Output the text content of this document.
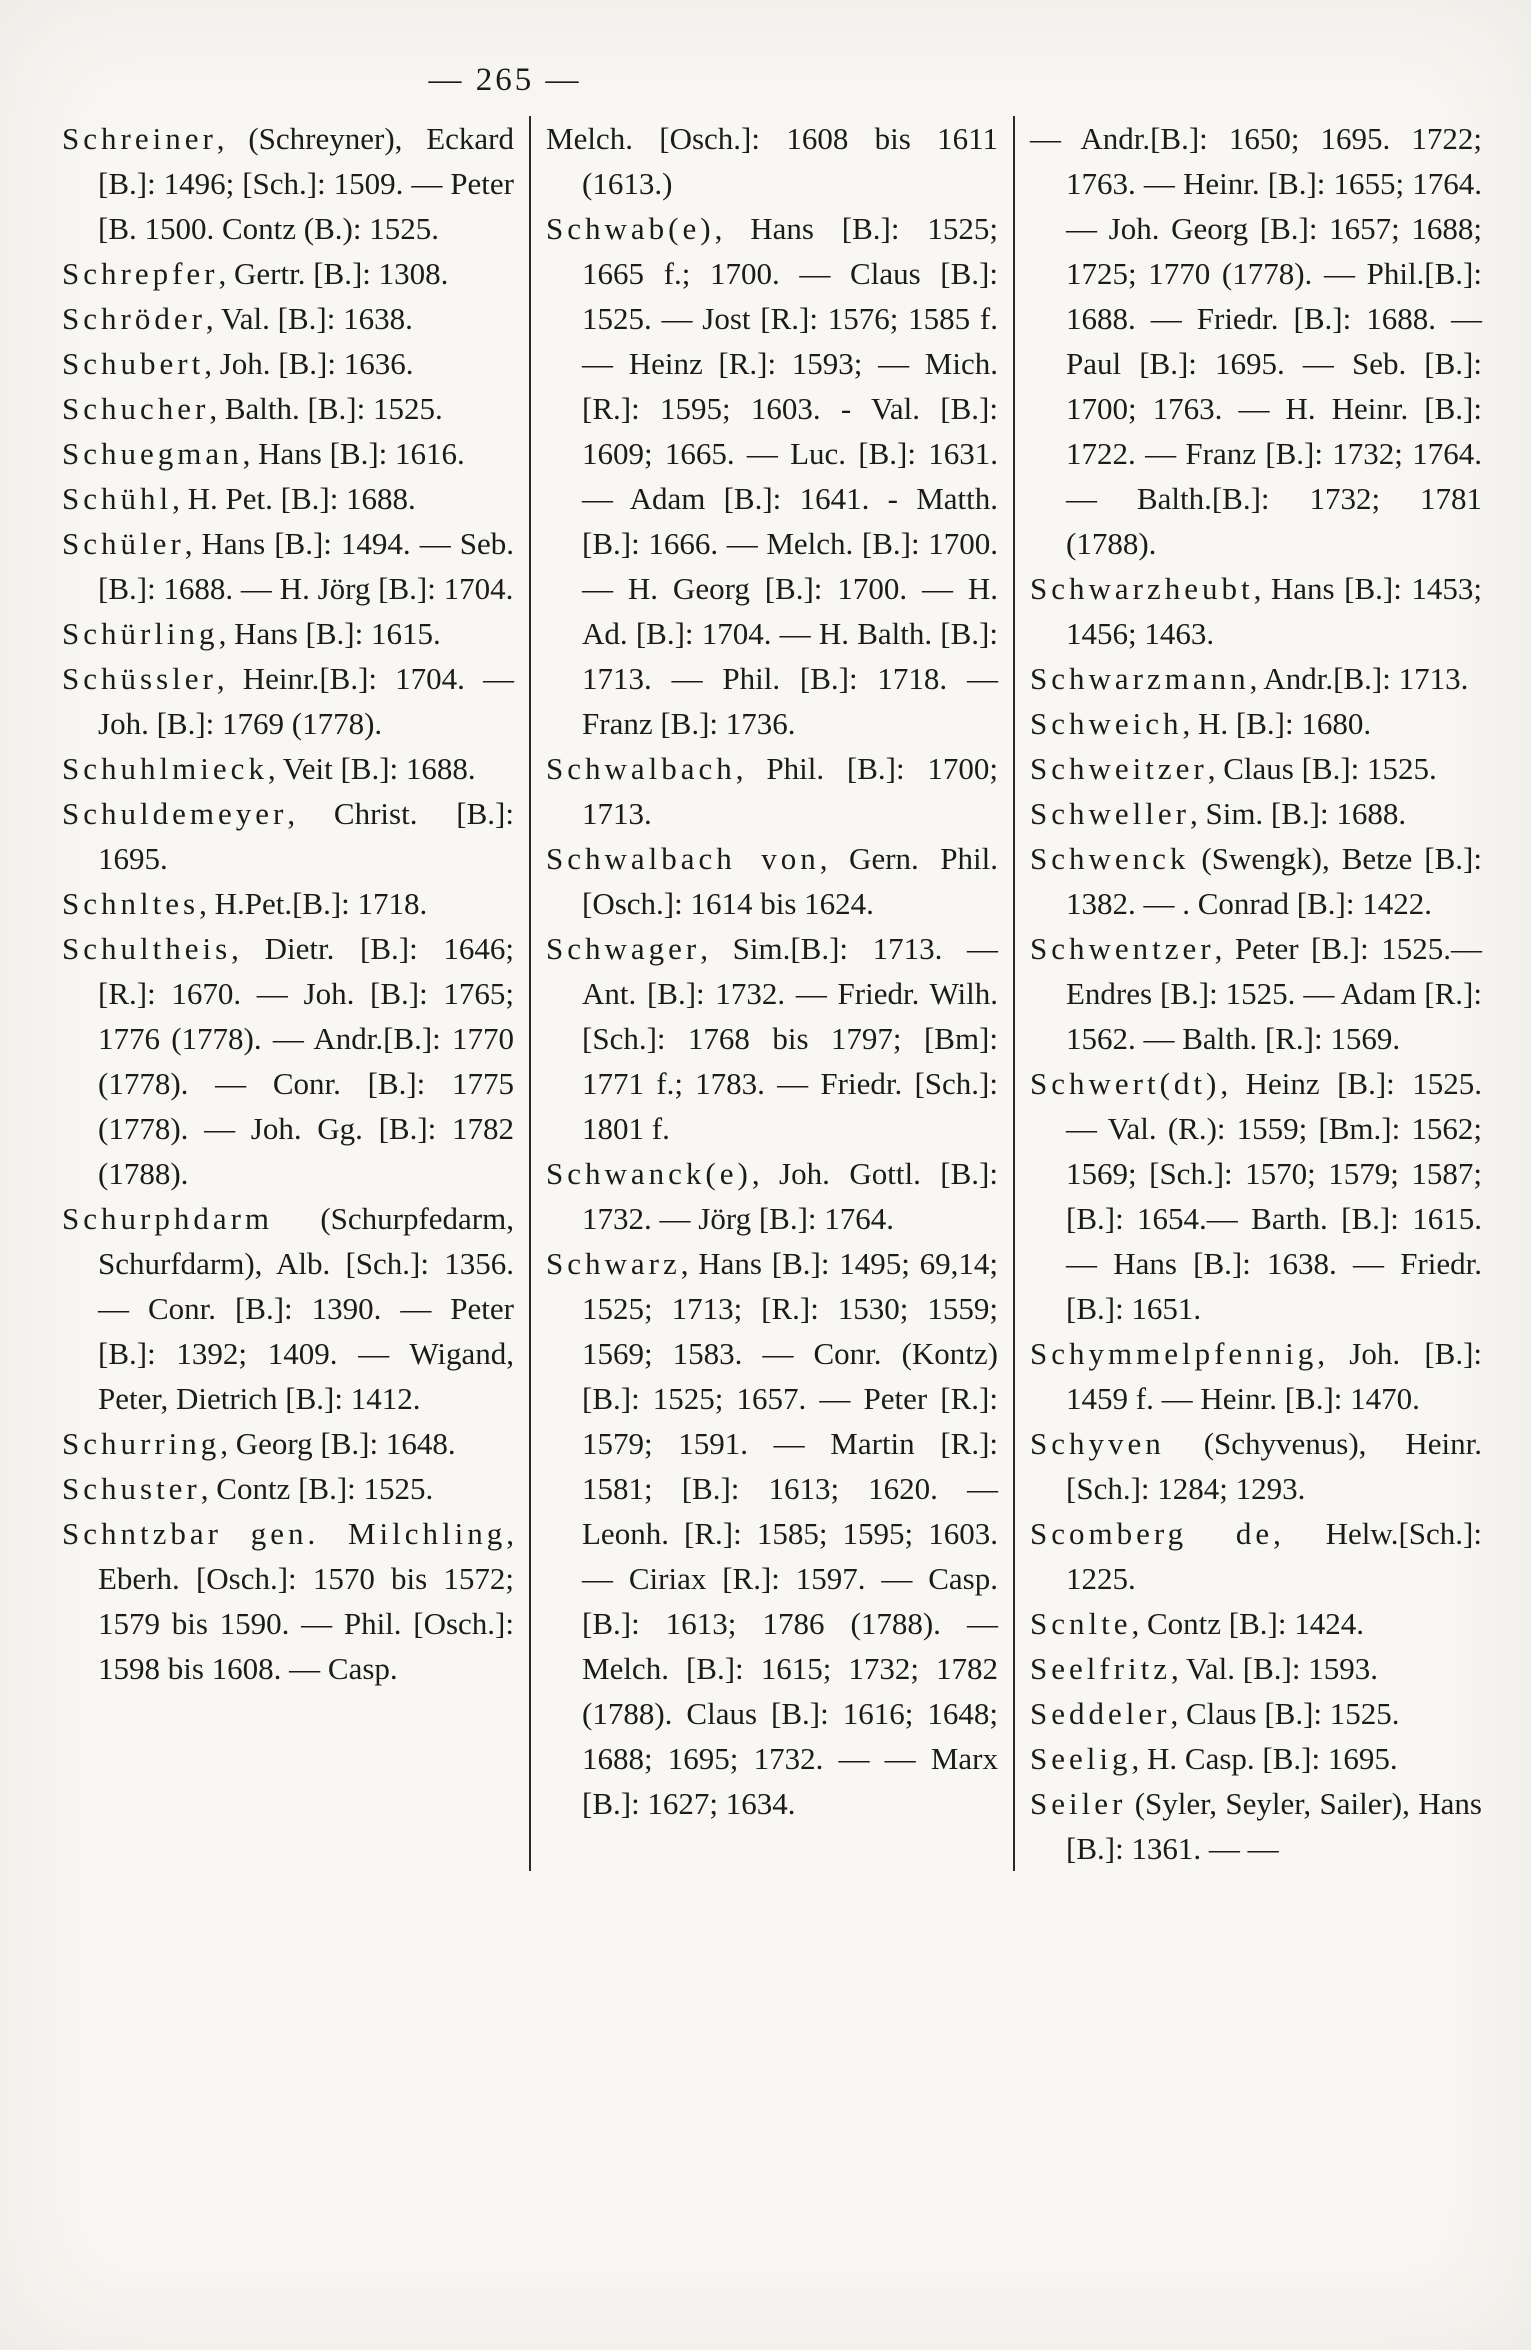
— 265 —

Schreiner, (Schreyner), Eckard [B.]: 1496; [Sch.]: 1509. — Peter [B. 1500. Contz (B.): 1525.

Schrepfer, Gertr. [B.]: 1308.

Schröder, Val. [B.]: 1638.

Schubert, Joh. [B.]: 1636.

Schucher, Balth. [B.]: 1525.

Schuegman, Hans [B.]: 1616.

Schühl, H. Pet. [B.]: 1688.

Schüler, Hans [B.]: 1494. — Seb. [B.]: 1688. — H. Jörg [B.]: 1704.

Schürling, Hans [B.]: 1615.

Schüssler, Heinr.[B.]: 1704. — Joh. [B.]: 1769 (1778).

Schuhlmieck, Veit [B.]: 1688.

Schuldemeyer, Christ. [B.]: 1695.

Schnltes, H.Pet.[B.]: 1718.

Schultheis, Dietr. [B.]: 1646; [R.]: 1670. — Joh. [B.]: 1765; 1776 (1778). — Andr.[B.]: 1770 (1778). — Conr. [B.]: 1775 (1778). — Joh. Gg. [B.]: 1782 (1788).

Schurphdarm (Schurpfedarm, Schurfdarm), Alb. [Sch.]: 1356. — Conr. [B.]: 1390. — Peter [B.]: 1392; 1409. — Wigand, Peter, Dietrich [B.]: 1412.

Schurring, Georg [B.]: 1648.

Schuster, Contz [B.]: 1525.

Schntzbar gen. Milchling, Eberh. [Osch.]: 1570 bis 1572; 1579 bis 1590. — Phil. [Osch.]: 1598 bis 1608. — Casp.

Melch. [Osch.]: 1608 bis 1611 (1613.)

Schwab(e), Hans [B.]: 1525; 1665 f.; 1700. — Claus [B.]: 1525. — Jost [R.]: 1576; 1585 f. — Heinz [R.]: 1593; — Mich. [R.]: 1595; 1603. - Val. [B.]: 1609; 1665. — Luc. [B.]: 1631. — Adam [B.]: 1641. - Matth. [B.]: 1666. — Melch. [B.]: 1700. — H. Georg [B.]: 1700. — H. Ad. [B.]: 1704. — H. Balth. [B.]: 1713. — Phil. [B.]: 1718. — Franz [B.]: 1736.

Schwalbach, Phil. [B.]: 1700; 1713.

Schwalbach von, Gern. Phil. [Osch.]: 1614 bis 1624.

Schwager, Sim.[B.]: 1713. — Ant. [B.]: 1732. — Friedr. Wilh. [Sch.]: 1768 bis 1797; [Bm]: 1771 f.; 1783. — Friedr. [Sch.]: 1801 f.

Schwanck(e), Joh. Gottl. [B.]: 1732. — Jörg [B.]: 1764.

Schwarz, Hans [B.]: 1495; 69,14; 1525; 1713; [R.]: 1530; 1559; 1569; 1583. — Conr. (Kontz) [B.]: 1525; 1657. — Peter [R.]: 1579; 1591. — Martin [R.]: 1581; [B.]: 1613; 1620. — Leonh. [R.]: 1585; 1595; 1603. — Ciriax [R.]: 1597. — Casp. [B.]: 1613; 1786 (1788). — Melch. [B.]: 1615; 1732; 1782 (1788). Claus [B.]: 1616; 1648; 1688; 1695; 1732. — — Marx [B.]: 1627; 1634.

— Andr.[B.]: 1650; 1695. 1722; 1763. — Heinr. [B.]: 1655; 1764. — Joh. Georg [B.]: 1657; 1688; 1725; 1770 (1778). — Phil.[B.]: 1688. — Friedr. [B.]: 1688. — Paul [B.]: 1695. — Seb. [B.]: 1700; 1763. — H. Heinr. [B.]: 1722. — Franz [B.]: 1732; 1764. — Balth.[B.]: 1732; 1781 (1788).

Schwarzheubt, Hans [B.]: 1453; 1456; 1463.

Schwarzmann, Andr.[B.]: 1713.

Schweich, H. [B.]: 1680.

Schweitzer, Claus [B.]: 1525.

Schweller, Sim. [B.]: 1688.

Schwenck (Swengk), Betze [B.]: 1382. — . Conrad [B.]: 1422.

Schwentzer, Peter [B.]: 1525.—Endres [B.]: 1525. — Adam [R.]: 1562. — Balth. [R.]: 1569.

Schwert(dt), Heinz [B.]: 1525. — Val. (R.): 1559; [Bm.]: 1562; 1569; [Sch.]: 1570; 1579; 1587; [B.]: 1654.— Barth. [B.]: 1615. — Hans [B.]: 1638. — Friedr. [B.]: 1651.

Schymmelpfennig, Joh. [B.]: 1459 f. — Heinr. [B.]: 1470.

Schyven (Schyvenus), Heinr. [Sch.]: 1284; 1293.

Scomberg de, Helw.[Sch.]: 1225.

Scnlte, Contz [B.]: 1424.

Seelfritz, Val. [B.]: 1593.

Seddeler, Claus [B.]: 1525.

Seelig, H. Casp. [B.]: 1695.

Seiler (Syler, Seyler, Sailer), Hans [B.]: 1361. — —
